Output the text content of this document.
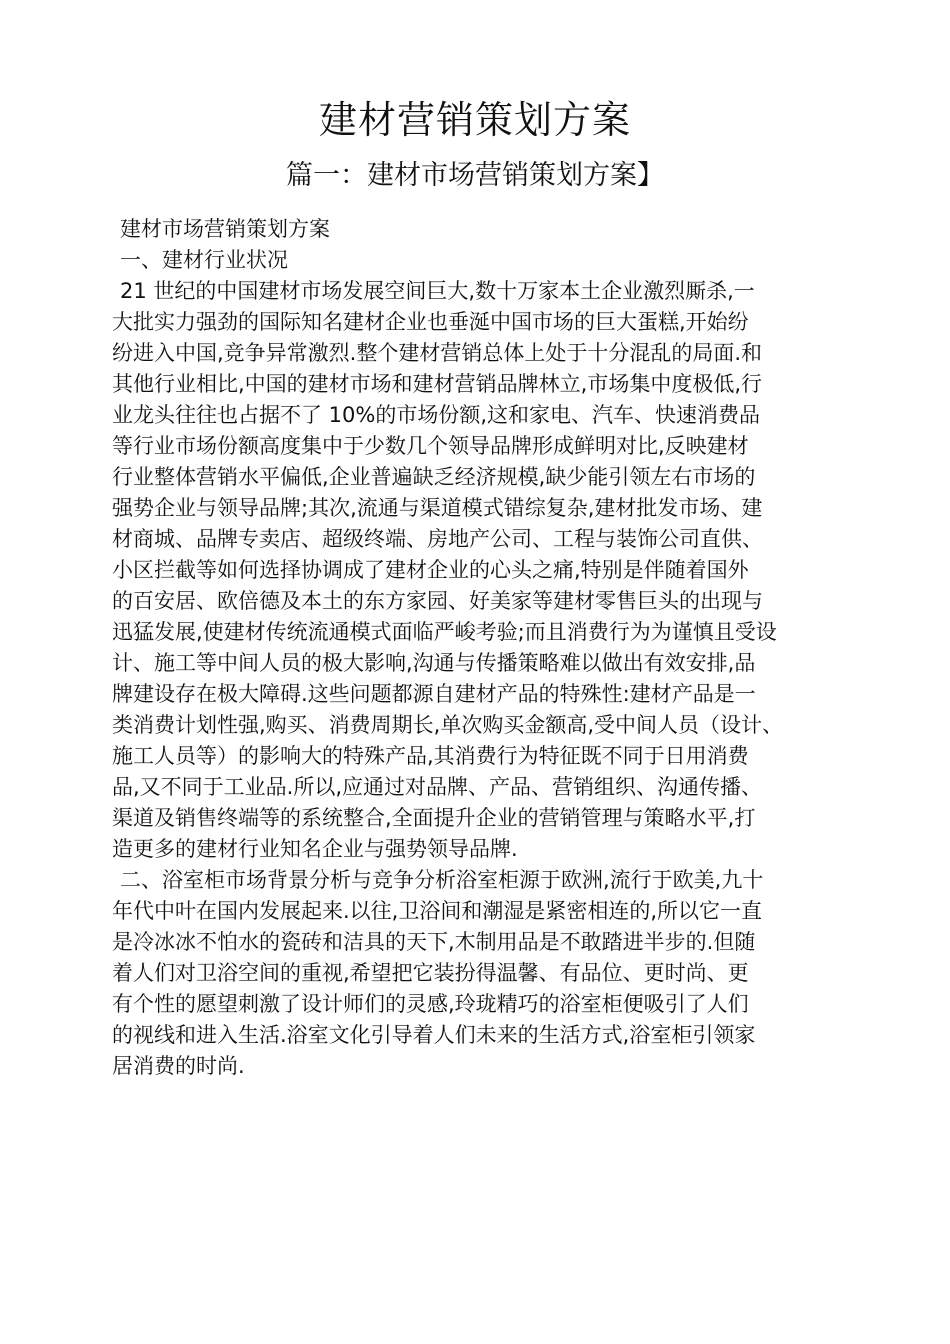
建材营销策划方案
篇一：建材市场营销策划方案】
建材市场营销策划方案
一、建材行业状况
21 世纪的中国建材市场发展空间巨大,数十万家本土企业激烈厮杀,一
大批实力强劲的国际知名建材企业也垂涎中国市场的巨大蛋糕,开始纷
纷进入中国,竞争异常激烈.整个建材营销总体上处于十分混乱的局面.和
其他行业相比,中国的建材市场和建材营销品牌林立,市场集中度极低,行
业龙头往往也占据不了 10%的市场份额,这和家电、汽车、快速消费品
等行业市场份额高度集中于少数几个领导品牌形成鲜明对比,反映建材
行业整体营销水平偏低,企业普遍缺乏经济规模,缺少能引领左右市场的
强势企业与领导品牌;其次,流通与渠道模式错综复杂,建材批发市场、建
材商城、品牌专卖店、超级终端、房地产公司、工程与装饰公司直供、
小区拦截等如何选择协调成了建材企业的心头之痛,特别是伴随着国外
的百安居、欧倍德及本土的东方家园、好美家等建材零售巨头的出现与
迅猛发展,使建材传统流通模式面临严峻考验;而且消费行为为谨慎且受设
计、施工等中间人员的极大影响,沟通与传播策略难以做出有效安排,品
牌建设存在极大障碍.这些问题都源自建材产品的特殊性:建材产品是一
类消费计划性强,购买、消费周期长,单次购买金额高,受中间人员（设计、
施工人员等）的影响大的特殊产品,其消费行为特征既不同于日用消费
品,又不同于工业品.所以,应通过对品牌、产品、营销组织、沟通传播、
渠道及销售终端等的系统整合,全面提升企业的营销管理与策略水平,打
造更多的建材行业知名企业与强势领导品牌.
二、浴室柜市场背景分析与竞争分析浴室柜源于欧洲,流行于欧美,九十
年代中叶在国内发展起来.以往,卫浴间和潮湿是紧密相连的,所以它一直
是冷冰冰不怕水的瓷砖和洁具的天下,木制用品是不敢踏进半步的.但随
着人们对卫浴空间的重视,希望把它装扮得温馨、有品位、更时尚、更
有个性的愿望刺激了设计师们的灵感,玲珑精巧的浴室柜便吸引了人们
的视线和进入生活.浴室文化引导着人们未来的生活方式,浴室柜引领家
居消费的时尚.
